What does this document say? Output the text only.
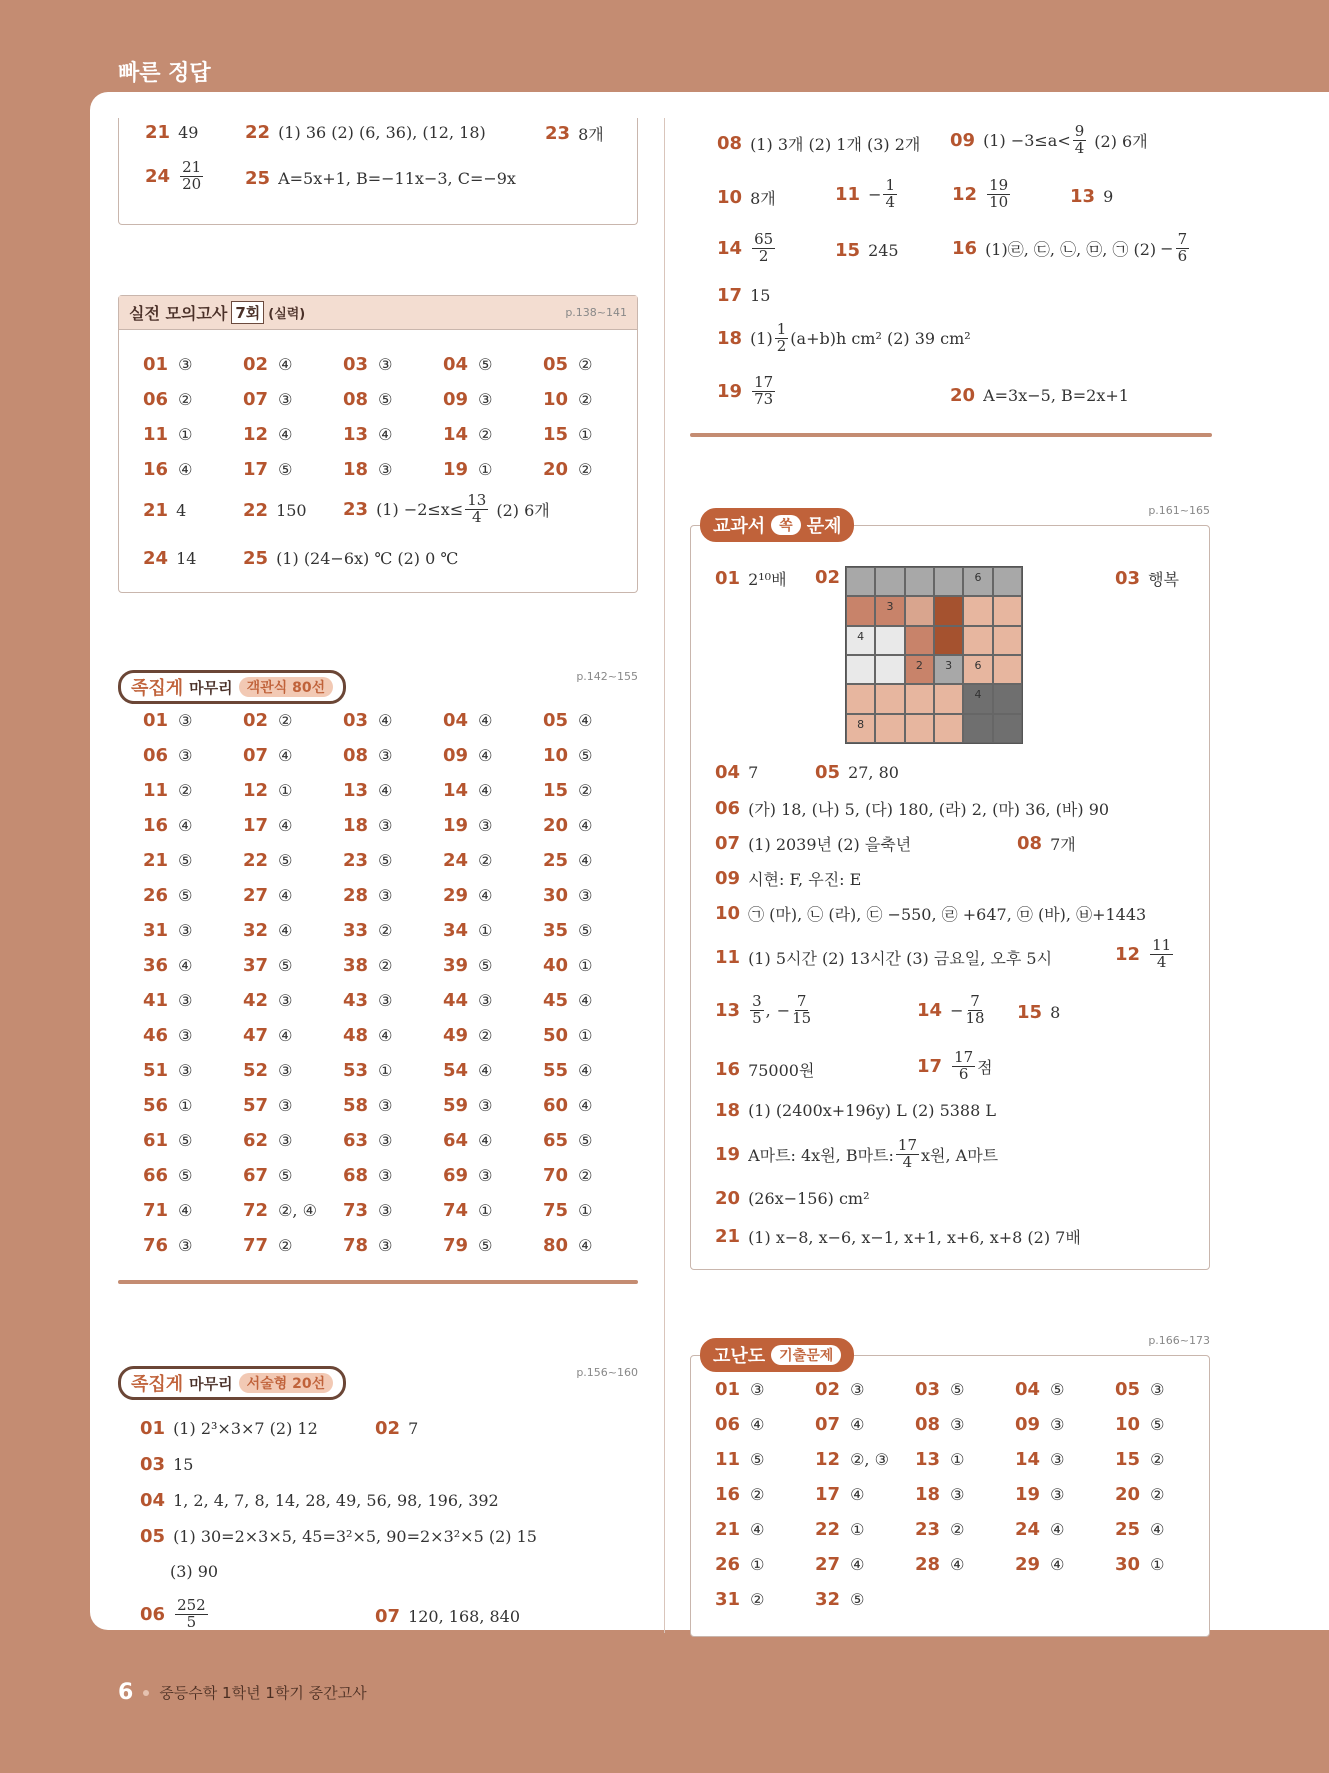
빠른 정답
21 49	22 (1) 36 (2) (6, 36), (12, 18)	23 8개
$24 \frac{21}{20} 25$ A=5x+1, B=−11x−3, C=−9x
실전 모의고사 7회 (실력)	p.138~141
01 ③	02 ④	03 ③	04 ⑤	05 ②
06 ②	07 ③	08 ⑤	09 ③	10 ②
11 ①	12 ④	13 ④	14 ②	15 ①
16 ④	17 ⑤	18 ③	19 ①	20 ②
21 4	22 150 23 $(1) -2\le x\le \frac{13}{4} (2)$ 6개
24 14	25 (1) (24−6x) ℃ (2) 0 ℃
족집게 마무리	객관식 80선
p.142~155
01 ③	02 ②	03 ④	04 ④	05 ④
06 ③	07 ④	08 ③	09 ④	10 ⑤
11 ②	12 ①	13 ④	14 ④	15 ②
16 ④	17 ④	18 ③	19 ③	20 ④
21 ⑤	22 ⑤	23 ⑤	24 ②	25 ④
26 ⑤	27 ④	28 ③	29 ④	30 ③
31 ③	32 ④	33 ②	34 ①	35 ⑤
36 ④	37 ⑤	38 ②	39 ⑤	40 ①
41 ③	42 ③	43 ③	44 ③	45 ④
46 ③	47 ④	48 ④	49 ②	50 ①
51 ③	52 ③	53 ①	54 ④	55 ④
56 ①	57 ③	58 ③	59 ③	60 ④
61 ⑤	62 ③	63 ③	64 ④	65 ⑤
66 ⑤	67 ⑤	68 ③	69 ③	70 ②
71 ④	72 ②, ④ 73 ③	74 ①	75 ①
76 ③	77 ②	78 ③	79 ⑤	80 ④
족집게 마무리	서술형 20선
p.156~160
01 (1) 2³×3×7 (2) 12	02 7
03 15
04 1, 2, 4, 7, 8, 14, 28, 49, 56, 98, 196, 392
05 (1) 30=2×3×5, 45=3²×5, 90=2×3²×5 (2) 15
(3) 90
$06 \frac{252}{5}$	07 120, 168, 840
08 (1) 3개 (2) 1개 (3) 2개 09 $(1) -3\le a< \frac{9}{4} (2)$ 6개
10 8개	$11 - \frac{1}{4}$	$12 \frac{19}{10}$	13 9
$14 \frac{65}{2}$	15 245	16 (1)㉣, ㉢, ㉡, ㉤, ㉠ $(2) - \frac{7}{6}$
17 15
18 $(1) \frac{1}{2} (a+b)h$ cm² (2) 39 cm²
$19 \frac{17}{73}$	20 A=3x−5, B=2x+1
교과서	쏙 문제
p.161~165
01 2¹⁰배 02	6
3
4
2	3	6
4
8
03 행복
04 7	05 27, 80
06 (가) 18, (나) 5, (다) 180, (라) 2, (마) 36, (바) 90
07 (1) 2039년 (2) 을축년	08 7개
09 시현: F, 우진: E
10 ㉠ (마), ㉡ (라), ㉢ −550, ㉣ +647, ㉤ (바), ㉥+1443
11 (1) 5시간 (2) 13시간 (3) 금요일, 오후 5시	$12 \frac{11}{4}$
$13 \frac{3}{5}$ , − $\frac{7}{15}$	$14 - \frac{7}{18} 15$ 8
16 75000원	$17 \frac{17}{6}$ 점
18 (1) (2400x+196y) L (2) 5388 L
19 A마트: 4x원, B마트: $\frac{17}{4}$ x원, A마트
20 (26x−156) cm²
21 (1) x−8, x−6, x−1, x+1, x+6, x+8 (2) 7배
고난도	기출문제
p.166~173
01 ③	02 ③	03 ⑤	04 ⑤	05 ③
06 ④	07 ④	08 ③	09 ③	10 ⑤
11 ⑤	12 ②, ③ 13 ①	14 ③	15 ②
16 ②	17 ④	18 ③	19 ③	20 ②
21 ④	22 ①	23 ②	24 ④	25 ④
26 ①	27 ④	28 ④	29 ④	30 ①
31 ②	32 ⑤
6 중등수학 1학년 1학기 중간고사
